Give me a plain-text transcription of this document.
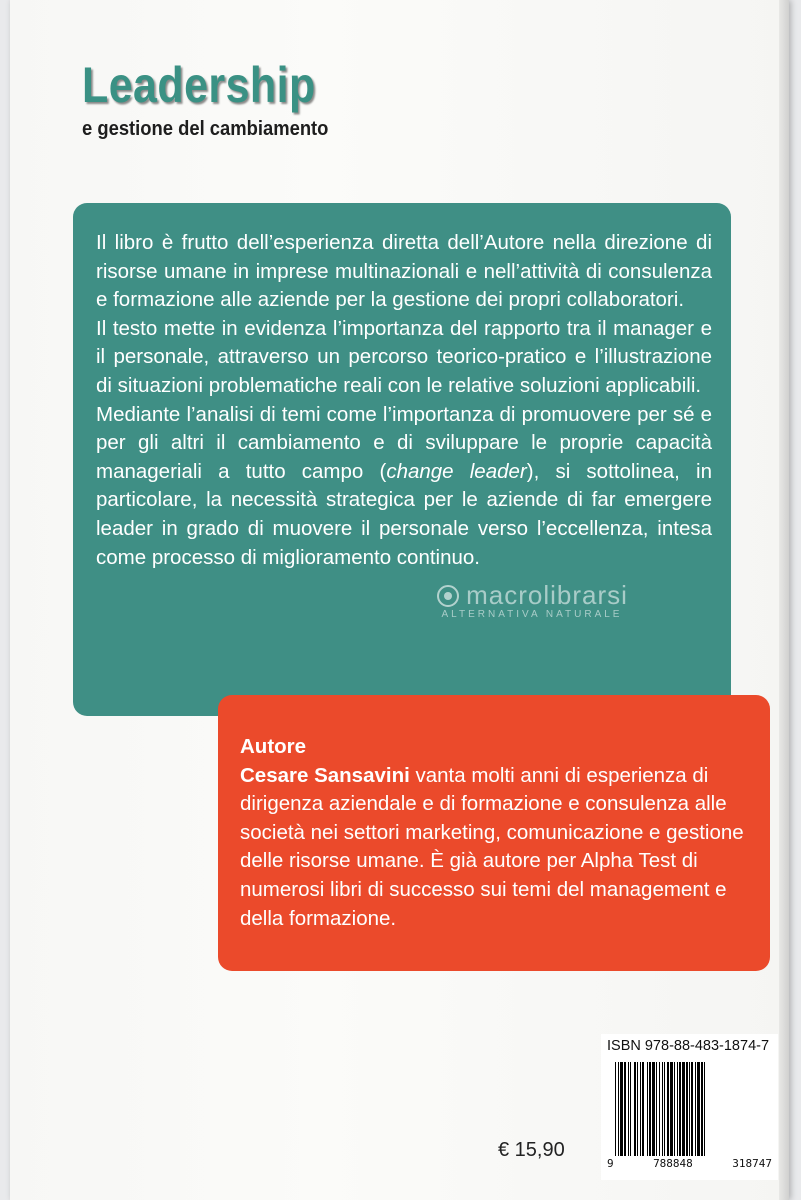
Leadership
e gestione del cambiamento

Il libro è frutto dell’esperienza diretta dell’Autore nella direzione di risorse umane in imprese multinazionali e nell’attività di consulenza e formazione alle aziende per la gestione dei propri collaboratori.

Il testo mette in evidenza l’importanza del rapporto tra il manager e il personale, attraverso un percorso teorico-pratico e l’illustrazione di situazioni problematiche reali con le relative soluzioni applicabili.

Mediante l’analisi di temi come l’importanza di promuovere per sé e per gli altri il cambiamento e di sviluppare le proprie capacità manageriali a tutto campo (change leader), si sottolinea, in particolare, la necessità strategica per le aziende di far emergere leader in grado di muovere il personale verso l’eccellenza, intesa come processo di miglioramento continuo.

Autore

Cesare Sansavini vanta molti anni di esperienza di dirigenza aziendale e di formazione e consulenza alle società nei settori marketing, comunicazione e gestione delle risorse umane. È già autore per Alpha Test di numerosi libri di successo sui temi del management e della formazione.

macrolibrarsi
ALTERNATIVA NATURALE
ISBN 978-88-483-1874-7
9	788848	318747
€ 15,90
